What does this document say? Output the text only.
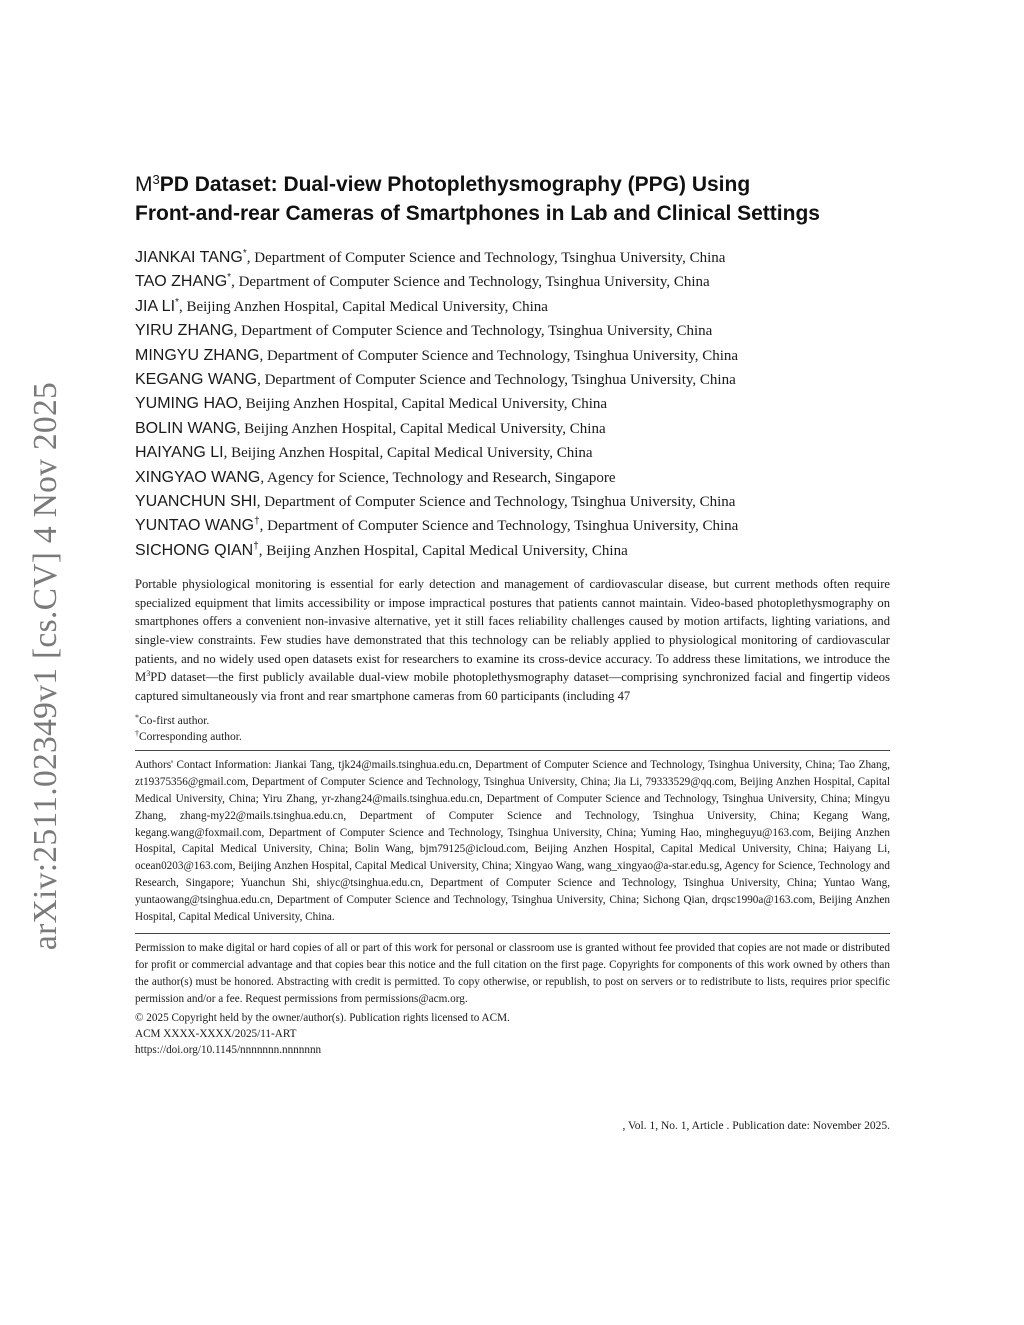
arXiv:2511.02349v1 [cs.CV] 4 Nov 2025
$M^3PD$ Dataset: Dual-view Photoplethysmography (PPG) Using
Front-and-rear Cameras of Smartphones in Lab and Clinical Settings
JIANKAI TANG*, Department of Computer Science and Technology, Tsinghua University, China
TAO ZHANG*, Department of Computer Science and Technology, Tsinghua University, China
JIA LI*, Beijing Anzhen Hospital, Capital Medical University, China
YIRU ZHANG, Department of Computer Science and Technology, Tsinghua University, China
MINGYU ZHANG, Department of Computer Science and Technology, Tsinghua University, China
KEGANG WANG, Department of Computer Science and Technology, Tsinghua University, China
YUMING HAO, Beijing Anzhen Hospital, Capital Medical University, China
BOLIN WANG, Beijing Anzhen Hospital, Capital Medical University, China
HAIYANG LI, Beijing Anzhen Hospital, Capital Medical University, China
XINGYAO WANG, Agency for Science, Technology and Research, Singapore
YUANCHUN SHI, Department of Computer Science and Technology, Tsinghua University, China
YUNTAO WANG†, Department of Computer Science and Technology, Tsinghua University, China
SICHONG QIAN†, Beijing Anzhen Hospital, Capital Medical University, China

Portable physiological monitoring is essential for early detection and management of cardiovascular disease, but current methods often require specialized equipment that limits accessibility or impose impractical postures that patients cannot maintain. Video-based photoplethysmography on smartphones offers a convenient non-invasive alternative, yet it still faces reliability challenges caused by motion artifacts, lighting variations, and single-view constraints. Few studies have demonstrated that this technology can be reliably applied to physiological monitoring of cardiovascular patients, and no widely used open datasets exist for researchers to examine its cross-device accuracy. To address these limitations, we introduce the $M^3PD$ dataset—the first publicly available dual-view mobile photoplethysmography dataset—comprising synchronized facial and fingertip videos captured simultaneously via front and rear smartphone cameras from 60 participants (including 47

*Co-first author.
†Corresponding author.
Authors' Contact Information: Jiankai Tang, tjk24@mails.tsinghua.edu.cn, Department of Computer Science and Technology, Tsinghua University, China; Tao Zhang, zt19375356@gmail.com, Department of Computer Science and Technology, Tsinghua University, China; Jia Li, 79333529@qq.com, Beijing Anzhen Hospital, Capital Medical University, China; Yiru Zhang, yr-zhang24@mails.tsinghua.edu.cn, Department of Computer Science and Technology, Tsinghua University, China; Mingyu Zhang, zhang-my22@mails.tsinghua.edu.cn, Department of Computer Science and Technology, Tsinghua University, China; Kegang Wang, kegang.wang@foxmail.com, Department of Computer Science and Technology, Tsinghua University, China; Yuming Hao, mingheguyu@163.com, Beijing Anzhen Hospital, Capital Medical University, China; Bolin Wang, bjm79125@icloud.com, Beijing Anzhen Hospital, Capital Medical University, China; Haiyang Li, ocean0203@163.com, Beijing Anzhen Hospital, Capital Medical University, China; Xingyao Wang, wang_xingyao@a-star.edu.sg, Agency for Science, Technology and Research, Singapore; Yuanchun Shi, shiyc@tsinghua.edu.cn, Department of Computer Science and Technology, Tsinghua University, China; Yuntao Wang, yuntaowang@tsinghua.edu.cn, Department of Computer Science and Technology, Tsinghua University, China; Sichong Qian, drqsc1990a@163.com, Beijing Anzhen Hospital, Capital Medical University, China.
Permission to make digital or hard copies of all or part of this work for personal or classroom use is granted without fee provided that copies are not made or distributed for profit or commercial advantage and that copies bear this notice and the full citation on the first page. Copyrights for components of this work owned by others than the author(s) must be honored. Abstracting with credit is permitted. To copy otherwise, or republish, to post on servers or to redistribute to lists, requires prior specific permission and/or a fee. Request permissions from permissions@acm.org.
© 2025 Copyright held by the owner/author(s). Publication rights licensed to ACM.
ACM XXXX-XXXX/2025/11-ART
https://doi.org/10.1145/nnnnnnn.nnnnnnn
, Vol. 1, No. 1, Article . Publication date: November 2025.
